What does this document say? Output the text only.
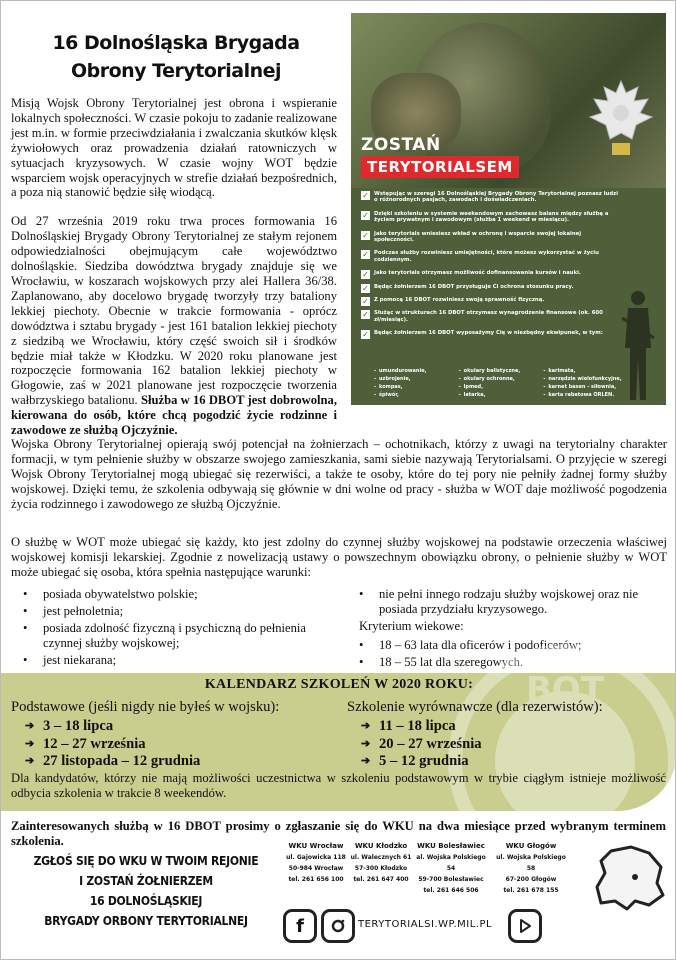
16 Dolnośląska Brygada
Obrony Terytorialnej

Misją Wojsk Obrony Terytorialnej jest obrona i wspieranie lokalnych społeczności. W czasie pokoju to zadanie realizowane jest m.in. w formie przeciwdziałania i zwalczania skutków klęsk żywiołowych oraz prowadzenia działań ratowniczych w sytuacjach kryzysowych. W czasie wojny WOT będzie wsparciem wojsk operacyjnych w strefie działań bezpośrednich, a poza nią stanowić będzie siłę wiodącą.

Od 27 września 2019 roku trwa proces formowania 16 Dolnośląskiej Brygady Obrony Terytorialnej ze stałym rejonem odpowiedzialności obejmującym całe województwo dolnośląskie. Siedziba dowództwa brygady znajduje się we Wrocławiu, w koszarach wojskowych przy alei Hallera 36/38. Zaplanowano, aby docelowo brygadę tworzyły trzy bataliony lekkiej piechoty. Obecnie w trakcie formowania - oprócz dowództwa i sztabu brygady - jest 161 batalion lekkiej piechoty z siedzibą we Wrocławiu, który część swoich sił i środków będzie miał także w Kłodzku. W 2020 roku planowane jest rozpoczęcie formowania 162 batalion lekkiej piechoty w Głogowie, zaś w 2021 planowane jest rozpoczęcie tworzenia wałbrzyskiego batalionu. Służba w 16 DBOT jest dobrowolna, kierowana do osób, które chcą pogodzić życie rodzinne i zawodowe ze służbą Ojczyźnie.

ZOSTAŃ
TERYTORIALSEM
✓ Wstępując w szeregi 16 Dolnośląskiej Brygady Obrony Terytorialnej poznasz ludzi o różnorodnych pasjach, zawodach i doświadczeniach.
✓ Dzięki szkoleniu w systemie weekendowym zachowasz balans między służbą a życiem prywatnym i zawodowym (służba 1 weekend w miesiącu).
✓ Jako terytorials wniesiesz wkład w ochronę i wsparcie swojej lokalnej społeczności.
✓ Podczas służby rozwiniesz umiejętności, które możesz wykorzystać w życiu codziennym.
✓ Jako terytorials otrzymasz możliwość dofinansowania kursów i nauki.
✓ Będąc żołnierzem 16 DBOT przysługuje Ci ochrona stosunku pracy.
✓ Z pomocą 16 DBOT rozwiniesz swoją sprawność fizyczną.
✓ Służąc w strukturach 16 DBOT otrzymasz wynagrodzenie finansowe (ok. 600 zł/miesiąc).
✓ Będąc żołnierzem 16 DBOT wyposażymy Cię w niezbędny ekwipunek, w tym:
- umundurowanie,	- okulary balistyczne,	- karimata,
- uzbrojenie,	- okulary ochronne,	- narzędzie wielofunkcyjne,
- kompas,	- lpmed,	- karnet basen - siłownia,
- śpiwór,	- latarka,	- karta rabatowa ORLEN.

Wojska Obrony Terytorialnej opierają swój potencjał na żołnierzach – ochotnikach, którzy z uwagi na terytorialny charakter formacji, w tym pełnienie służby w obszarze swojego zamieszkania, sami siebie nazywają Terytorialsami. O przyjęcie w szeregi Wojsk Obrony Terytorialnej mogą ubiegać się rezerwiści, a także te osoby, które do tej pory nie pełniły żadnej formy służby wojskowej. Dzięki temu, że szkolenia odbywają się głównie w dni wolne od pracy - służba w WOT daje możliwość pogodzenia życia rodzinnego i zawodowego ze służbą Ojczyźnie.

O służbę w WOT może ubiegać się każdy, kto jest zdolny do czynnej służby wojskowej na podstawie orzeczenia właściwej wojskowej komisji lekarskiej. Zgodnie z nowelizacją ustawy o powszechnym obowiązku obrony, o pełnienie służby w WOT może ubiegać się osoba, która spełnia następujące warunki:

• posiada obywatelstwo polskie;
• jest pełnoletnia;
• posiada zdolność fizyczną i psychiczną do pełnienia czynnej służby wojskowej;
• jest niekarana;
• nie pełni innego rodzaju służby wojskowej oraz nie posiada przydziału kryzysowego.
Kryterium wiekowe:
• 18 – 63 lata dla oficerów i podoficerów;
• 18 – 55 lat dla szeregowych.
BOT
KALENDARZ SZKOLEŃ W 2020 ROKU:
Podstawowe (jeśli nigdy nie byłeś w wojsku):
➔ 3 – 18 lipca
➔ 12 – 27 września
➔ 27 listopada – 12 grudnia
Szkolenie wyrównawcze (dla rezerwistów):
➔ 11 – 18 lipca
➔ 20 – 27 września
➔ 5 – 12 grudnia

Dla kandydatów, którzy nie mają możliwości uczestnictwa w szkoleniu podstawowym w trybie ciągłym istnieje możliwość odbycia szkolenia w trakcie 8 weekendów.

Zainteresowanych służbą w 16 DBOT prosimy o zgłaszanie się do WKU na dwa miesiące przed wybranym terminem szkolenia.

ZGŁOŚ SIĘ DO WKU W TWOIM REJONIE
I ZOSTAŃ ŻOŁNIERZEM
16 DOLNOŚLĄSKIEJ
BRYGADY ORBONY TERYTORIALNEJ
WKU Wrocław
ul. Gajowicka 118
50-984 Wrocław
tel. 261 656 100
WKU Kłodzko
ul. Walecznych 61
57-300 Kłodzko
tel. 261 647 400
WKU Bolesławiec
al. Wojska Polskiego 54
59-700 Bolesławiec
tel. 261 646 506
WKU Głogów
ul. Wojska Polskiego 58
67-200 Głogów
tel. 261 678 155
f	TERYTORIALSI.WP.MIL.PL
